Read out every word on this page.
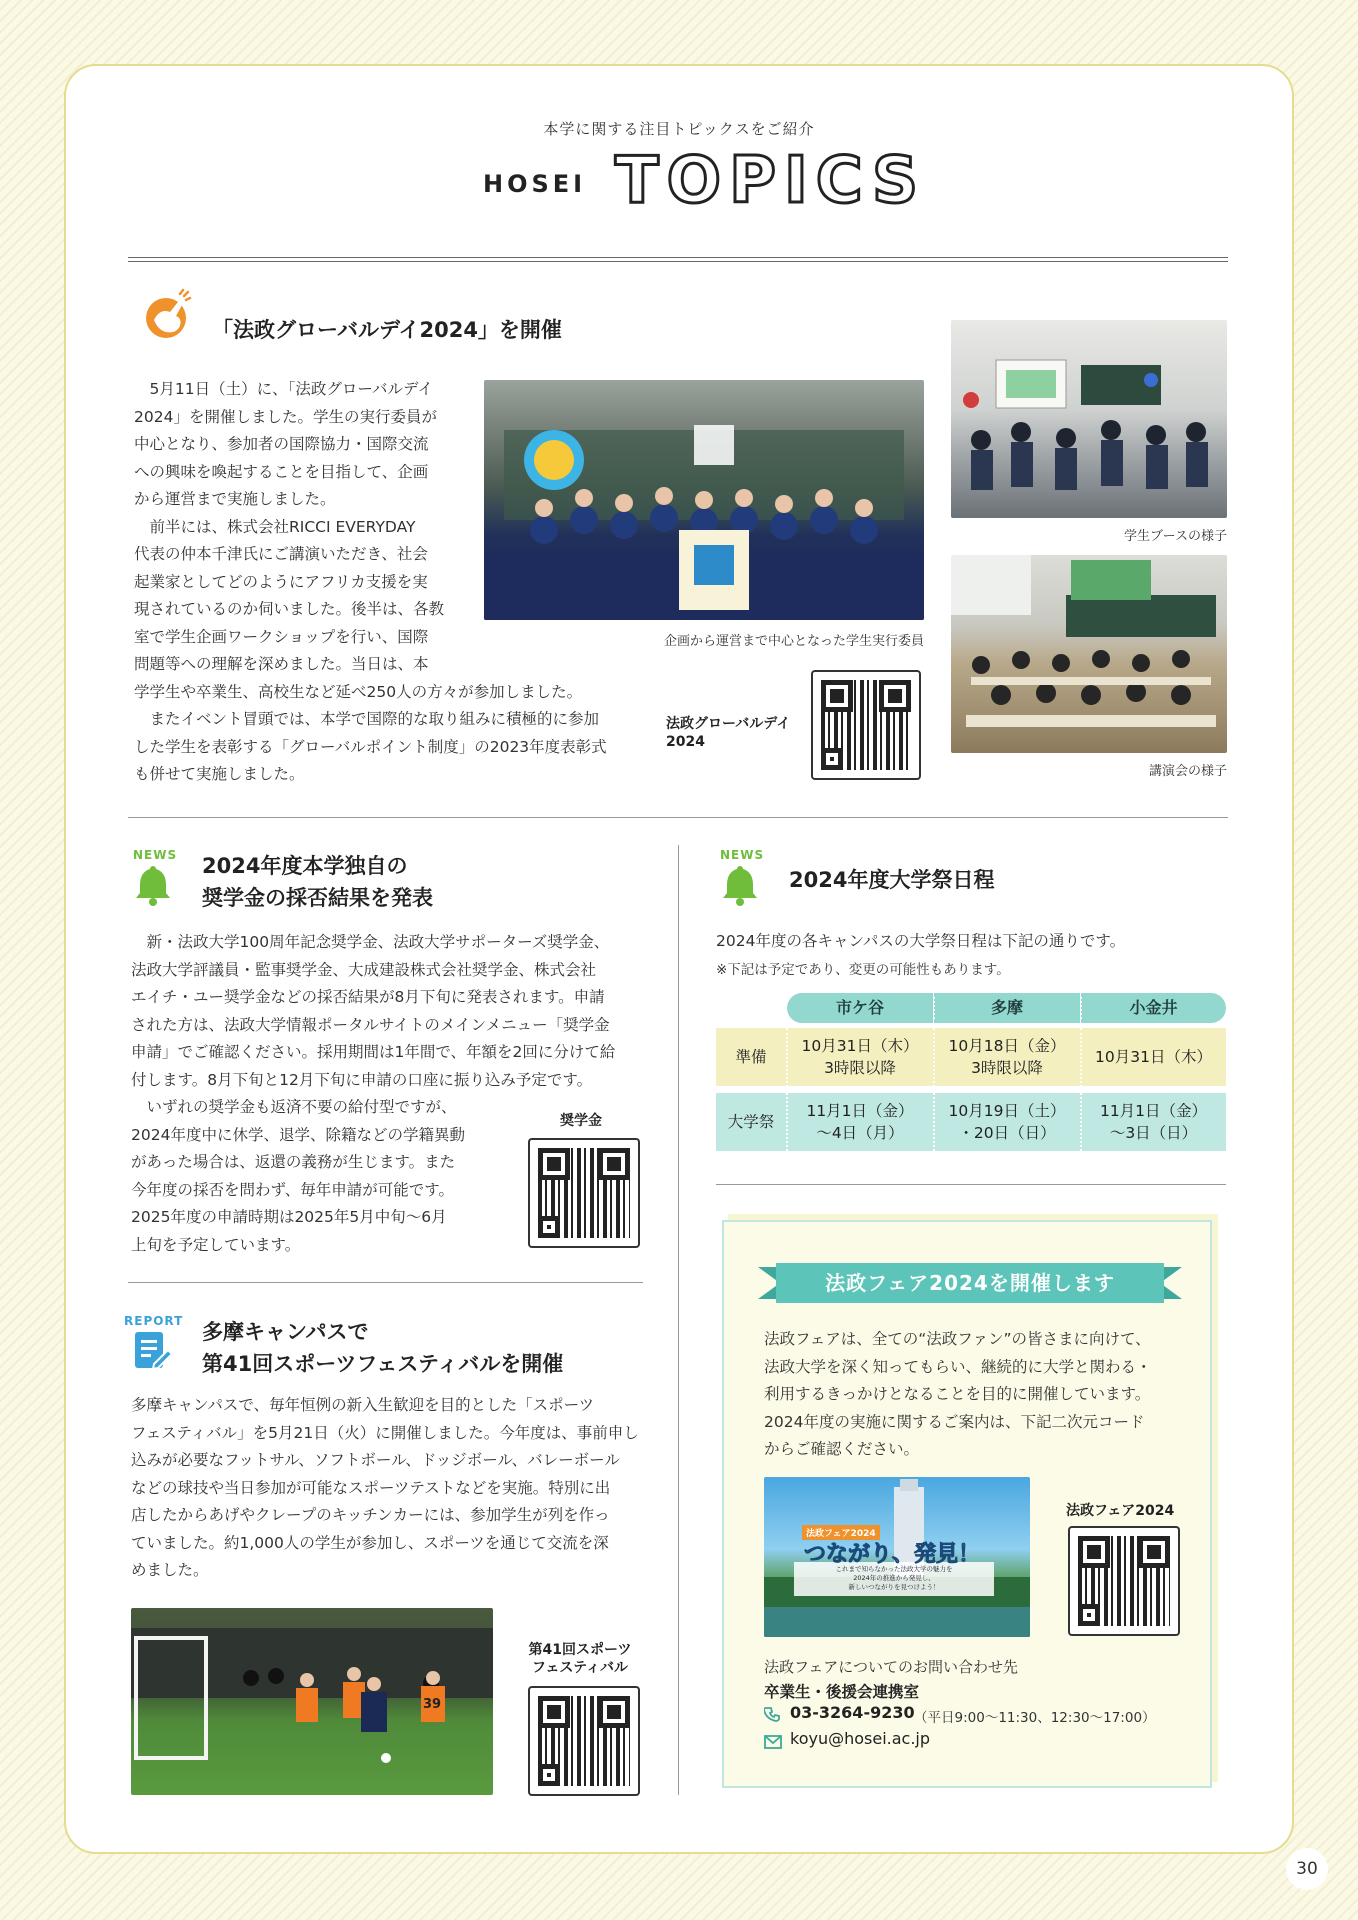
本学に関する注目トピックスをご紹介
HOSEI TOPICS
「法政グローバルデイ2024」を開催
5月11日（土）に、「法政グローバルデイ
2024」を開催しました。学生の実行委員が
中心となり、参加者の国際協力・国際交流
への興味を喚起することを目指して、企画
から運営まで実施しました。
前半には、株式会社RICCI EVERYDAY
代表の仲本千津氏にご講演いただき、社会
起業家としてどのようにアフリカ支援を実
現されているのか伺いました。後半は、各教
室で学生企画ワークショップを行い、国際
問題等への理解を深めました。当日は、本
学学生や卒業生、高校生など延べ250人の方々が参加しました。
またイベント冒頭では、本学で国際的な取り組みに積極的に参加
した学生を表彰する「グローバルポイント制度」の2023年度表彰式
も併せて実施しました。
企画から運営まで中心となった学生実行委員
学生ブースの様子
講演会の様子
法政グローバルデイ
2024
NEWS 2024年度本学独自の
奨学金の採否結果を発表
新・法政大学100周年記念奨学金、法政大学サポーターズ奨学金、
法政大学評議員・監事奨学金、大成建設株式会社奨学金、株式会社
エイチ・ユー奨学金などの採否結果が8月下旬に発表されます。申請
された方は、法政大学情報ポータルサイトのメインメニュー「奨学金
申請」でご確認ください。採用期間は1年間で、年額を2回に分けて給
付します。8月下旬と12月下旬に申請の口座に振り込み予定です。
いずれの奨学金も返済不要の給付型ですが、
2024年度中に休学、退学、除籍などの学籍異動
があった場合は、返還の義務が生じます。また
今年度の採否を問わず、毎年申請が可能です。
2025年度の申請時期は2025年5月中旬〜6月
上旬を予定しています。
奨学金
REPORT 多摩キャンパスで
第41回スポーツフェスティバルを開催
多摩キャンパスで、毎年恒例の新入生歓迎を目的とした「スポーツ
フェスティバル」を5月21日（火）に開催しました。今年度は、事前申し
込みが必要なフットサル、ソフトボール、ドッジボール、バレーボール
などの球技や当日参加が可能なスポーツテストなどを実施。特別に出
店したからあげやクレープのキッチンカーには、参加学生が列を作っ
ていました。約1,000人の学生が参加し、スポーツを通じて交流を深
めました。
39
第41回スポーツ
フェスティバル
NEWS
2024年度大学祭日程
2024年度の各キャンパスの大学祭日程は下記の通りです。
※下記は予定であり、変更の可能性もあります。
市ケ谷	多摩	小金井
準備
10月31日（木）
3時限以降
10月18日（金）
3時限以降
10月31日（木）
大学祭
11月1日（金）
〜4日（月）
10月19日（土）
・20日（日）
11月1日（金）
〜3日（日）
法政フェア2024を開催します
法政フェアは、全ての“法政ファン”の皆さまに向けて、
法政大学を深く知ってもらい、継続的に大学と関わる・
利用するきっかけとなることを目的に開催しています。
2024年度の実施に関するご案内は、下記二次元コード
からご確認ください。
法政フェア2024
つながり、発見！
これまで知らなかった法政大学の魅力を
2024年の推進から発見し、
新しいつながりを見つけよう！
法政フェア2024
法政フェアについてのお問い合わせ先
卒業生・後援会連携室
03-3264-9230 （平日9:00〜11:30、12:30〜17:00）
koyu@hosei.ac.jp
30
